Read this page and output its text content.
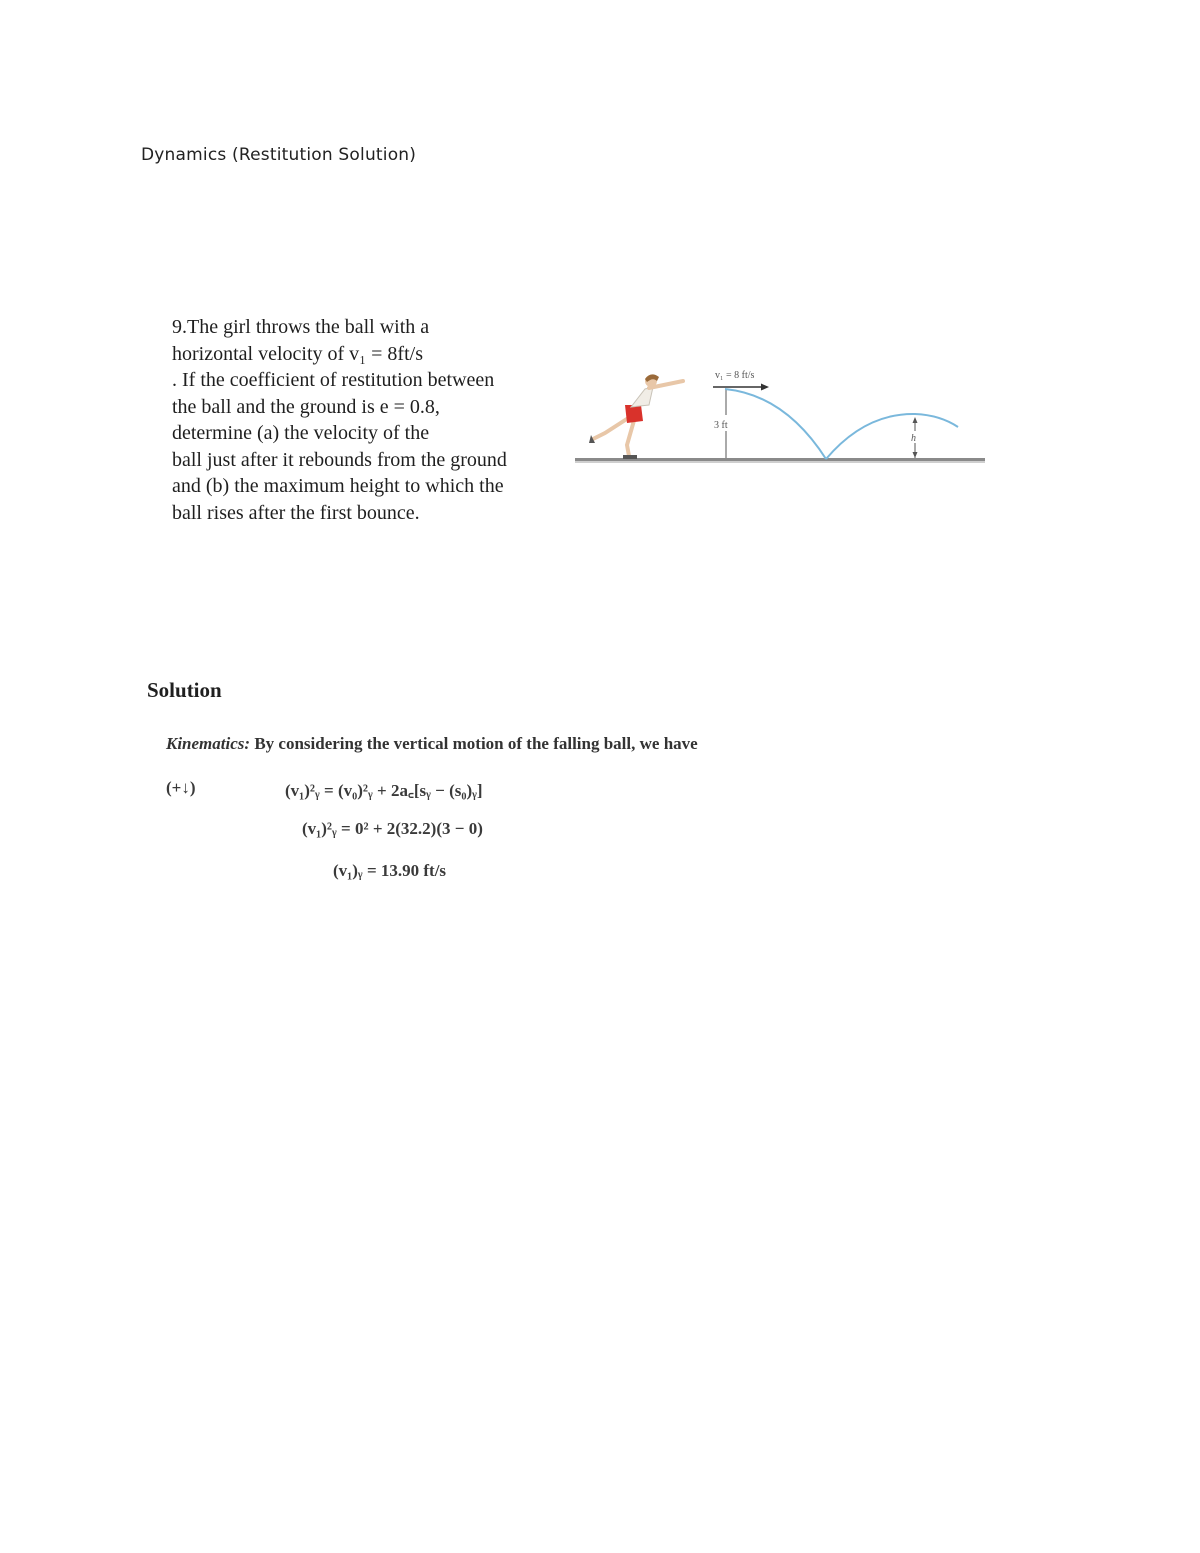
Dynamics (Restitution Solution)
9.The girl throws the ball with a
horizontal velocity of v₁ = 8ft/s
. If the coefficient of restitution between
the ball and the ground is e = 0.8,
determine (a) the velocity of the
ball just after it rebounds from the ground
and (b) the maximum height to which the
ball rises after the first bounce.
v₁ = 8 ft/s
3 ft
h
Solution
Kinematics: By considering the vertical motion of the falling ball, we have
(+↓)	(v₁)²ᵧ = (v₀)²ᵧ + 2a꜀[sᵧ − (s₀)ᵧ]
(v₁)²ᵧ = 0² + 2(32.2)(3 − 0)
(v₁)ᵧ = 13.90 ft/s
